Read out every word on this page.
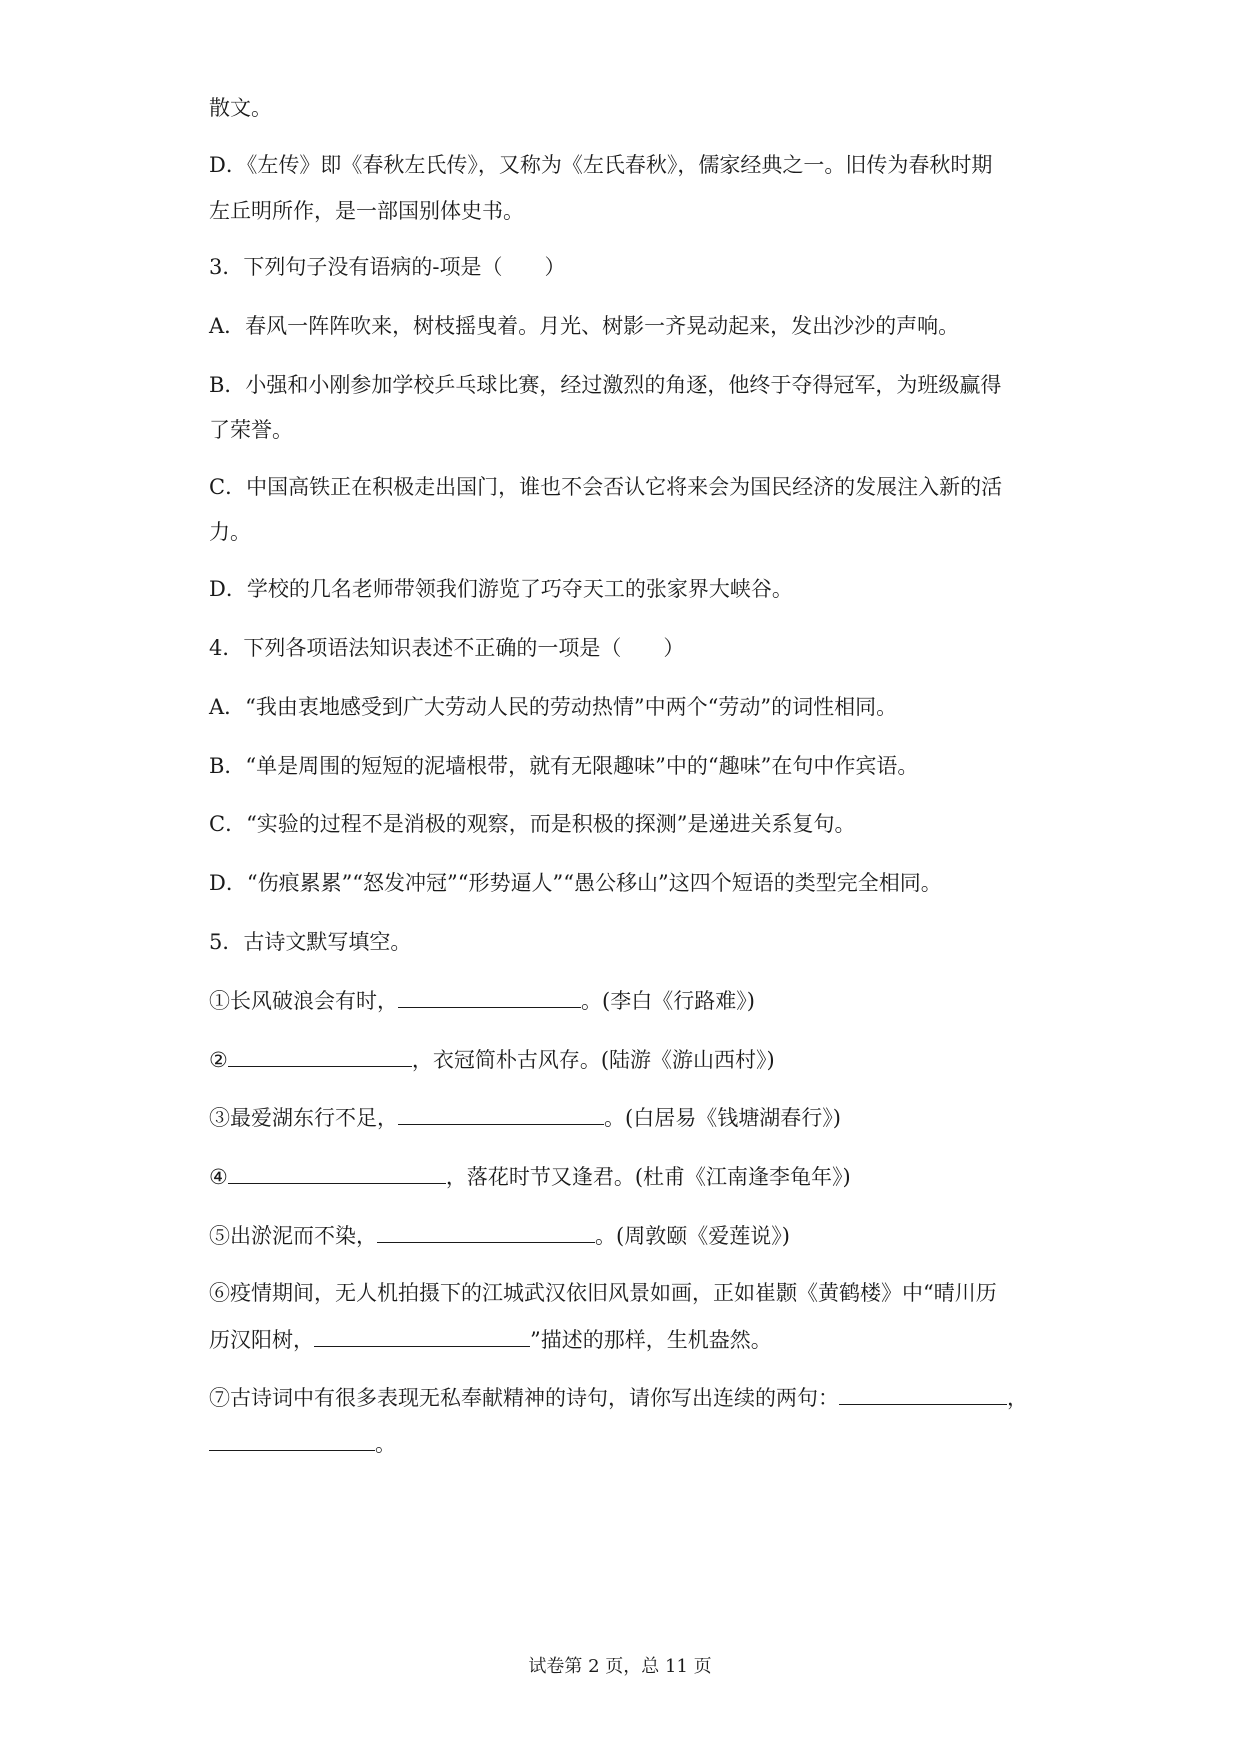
散文。
D．《左传》即《春秋左氏传》，又称为《左氏春秋》，儒家经典之一。旧传为春秋时期
左丘明所作，是一部国别体史书。
3．下列句子没有语病的-项是（　　）
A．春风一阵阵吹来，树枝摇曳着。月光、树影一齐晃动起来，发出沙沙的声响。
B．小强和小刚参加学校乒乓球比赛，经过激烈的角逐，他终于夺得冠军，为班级赢得
了荣誉。
C．中国高铁正在积极走出国门，谁也不会否认它将来会为国民经济的发展注入新的活
力。
D．学校的几名老师带领我们游览了巧夺天工的张家界大峡谷。
4．下列各项语法知识表述不正确的一项是（　　）
A．“我由衷地感受到广大劳动人民的劳动热情”中两个“劳动”的词性相同。
B．“单是周围的短短的泥墙根带，就有无限趣味”中的“趣味”在句中作宾语。
C．“实验的过程不是消极的观察，而是积极的探测”是递进关系复句。
D．“伤痕累累”“怒发冲冠”“形势逼人”“愚公移山”这四个短语的类型完全相同。
5．古诗文默写填空。
①长风破浪会有时，	。(李白《行路难》)
②	，衣冠简朴古风存。(陆游《游山西村》)
③最爱湖东行不足，	。(白居易《钱塘湖春行》)
④	，落花时节又逢君。(杜甫《江南逢李龟年》)
⑤出淤泥而不染，	。(周敦颐《爱莲说》)
⑥疫情期间，无人机拍摄下的江城武汉依旧风景如画，正如崔颢《黄鹤楼》中“晴川历
历汉阳树，	”描述的那样，生机盎然。
⑦古诗词中有很多表现无私奉献精神的诗句，请你写出连续的两句：	，
。
试卷第 2 页，总 11 页
